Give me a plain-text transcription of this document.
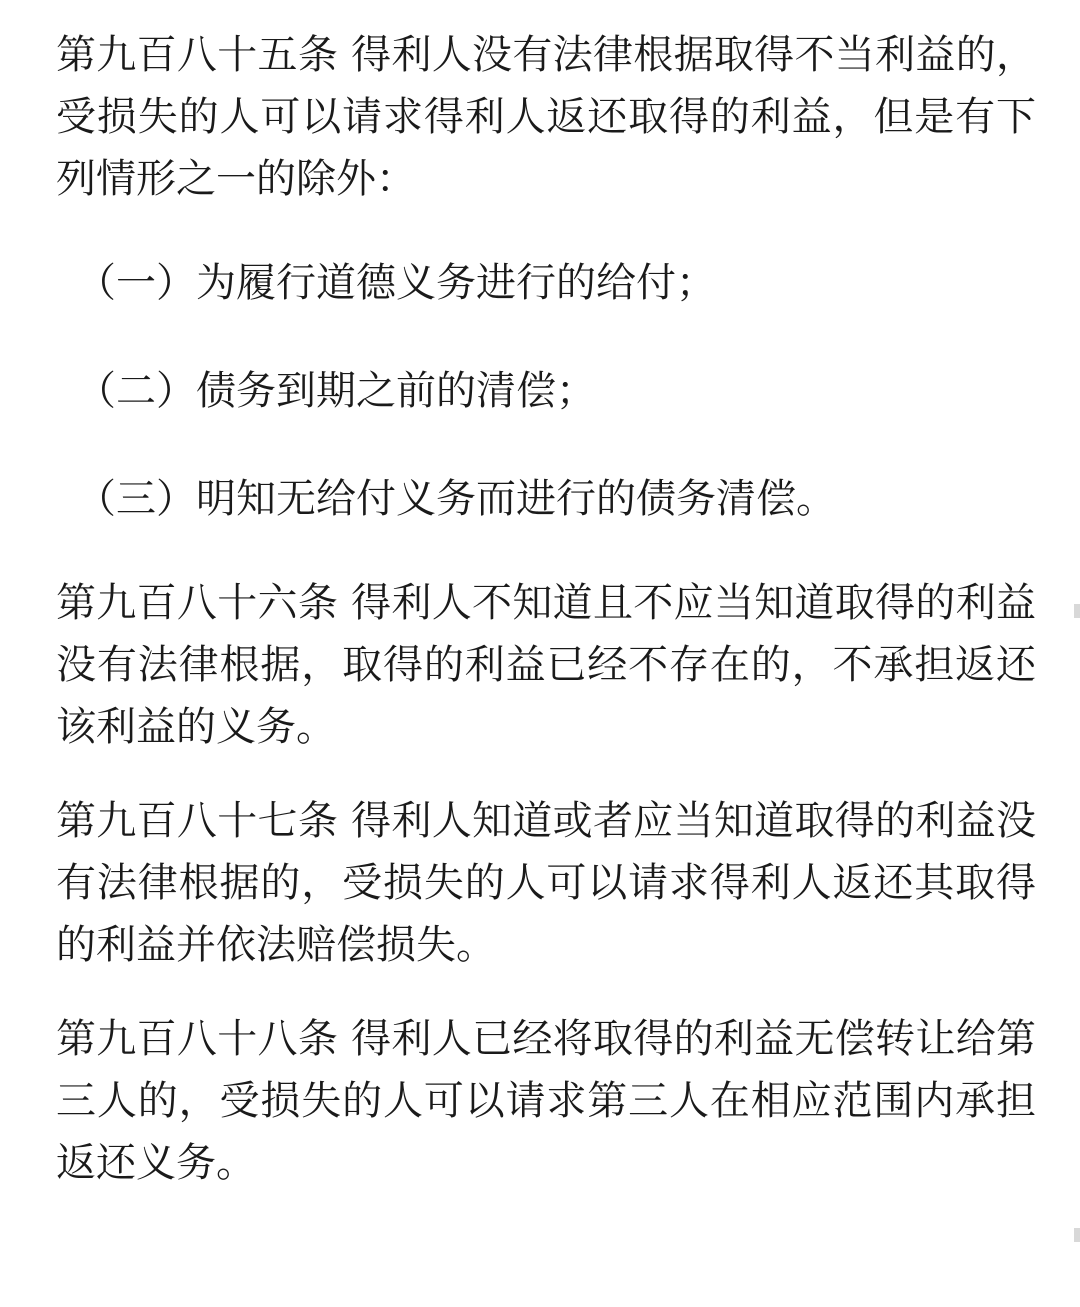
第九百八十五条 得利人没有法律根据取得不当利益的，受损失的人可以请求得利人返还取得的利益，但是有下列情形之一的除外：

（一）为履行道德义务进行的给付；

（二）债务到期之前的清偿；

（三）明知无给付义务而进行的债务清偿。

第九百八十六条 得利人不知道且不应当知道取得的利益没有法律根据，取得的利益已经不存在的，不承担返还该利益的义务。

第九百八十七条 得利人知道或者应当知道取得的利益没有法律根据的，受损失的人可以请求得利人返还其取得的利益并依法赔偿损失。

第九百八十八条 得利人已经将取得的利益无偿转让给第三人的，受损失的人可以请求第三人在相应范围内承担返还义务。
